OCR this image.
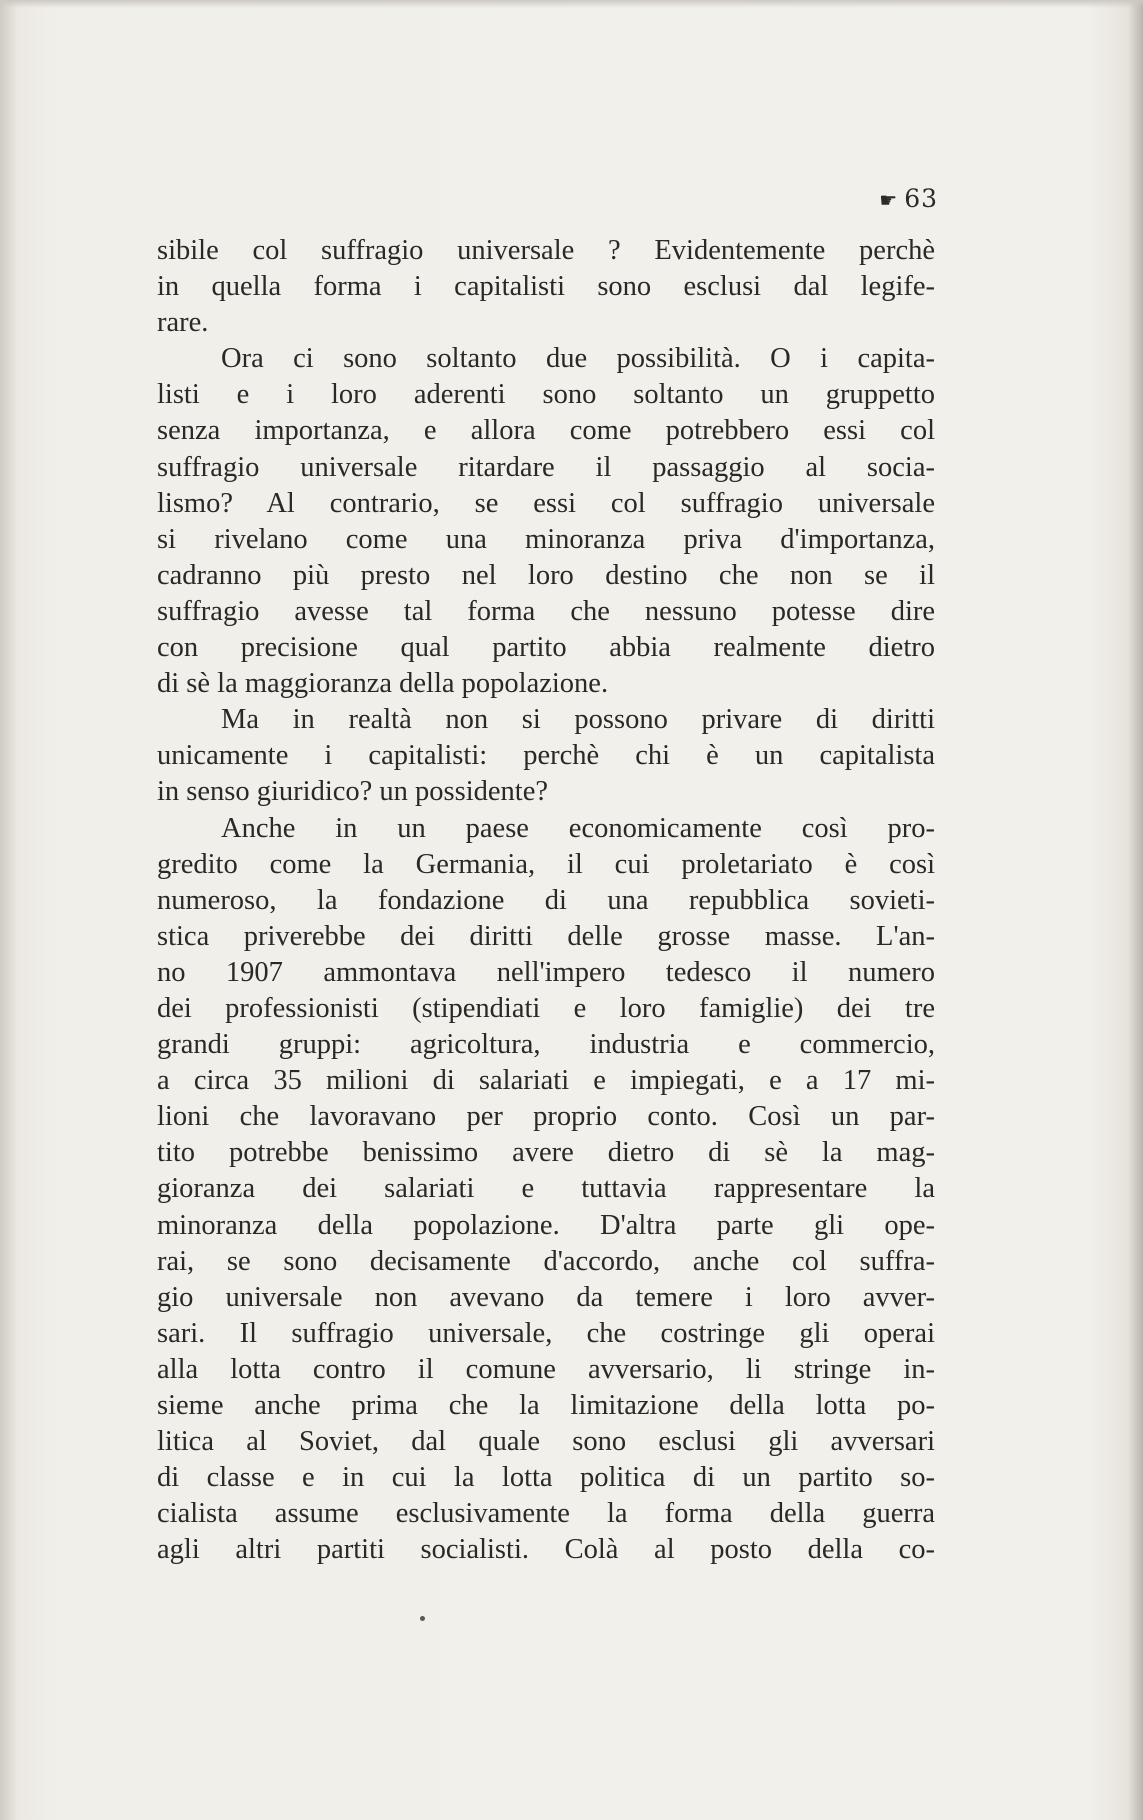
☛ 63
sibile col suffragio universale ? Evidentemente perchè
in quella forma i capitalisti sono esclusi dal legife-
rare.
Ora ci sono soltanto due possibilità. O i capita-
listi e i loro aderenti sono soltanto un gruppetto
senza importanza, e allora come potrebbero essi col
suffragio universale ritardare il passaggio al socia-
lismo? Al contrario, se essi col suffragio universale
si rivelano come una minoranza priva d'importanza,
cadranno più presto nel loro destino che non se il
suffragio avesse tal forma che nessuno potesse dire
con precisione qual partito abbia realmente dietro
di sè la maggioranza della popolazione.
Ma in realtà non si possono privare di diritti
unicamente i capitalisti: perchè chi è un capitalista
in senso giuridico? un possidente?
Anche in un paese economicamente così pro-
gredito come la Germania, il cui proletariato è così
numeroso, la fondazione di una repubblica sovieti-
stica priverebbe dei diritti delle grosse masse. L'an-
no 1907 ammontava nell'impero tedesco il numero
dei professionisti (stipendiati e loro famiglie) dei tre
grandi gruppi: agricoltura, industria e commercio,
a circa 35 milioni di salariati e impiegati, e a 17 mi-
lioni che lavoravano per proprio conto. Così un par-
tito potrebbe benissimo avere dietro di sè la mag-
gioranza dei salariati e tuttavia rappresentare la
minoranza della popolazione. D'altra parte gli ope-
rai, se sono decisamente d'accordo, anche col suffra-
gio universale non avevano da temere i loro avver-
sari. Il suffragio universale, che costringe gli operai
alla lotta contro il comune avversario, li stringe in-
sieme anche prima che la limitazione della lotta po-
litica al Soviet, dal quale sono esclusi gli avversari
di classe e in cui la lotta politica di un partito so-
cialista assume esclusivamente la forma della guerra
agli altri partiti socialisti. Colà al posto della co-
